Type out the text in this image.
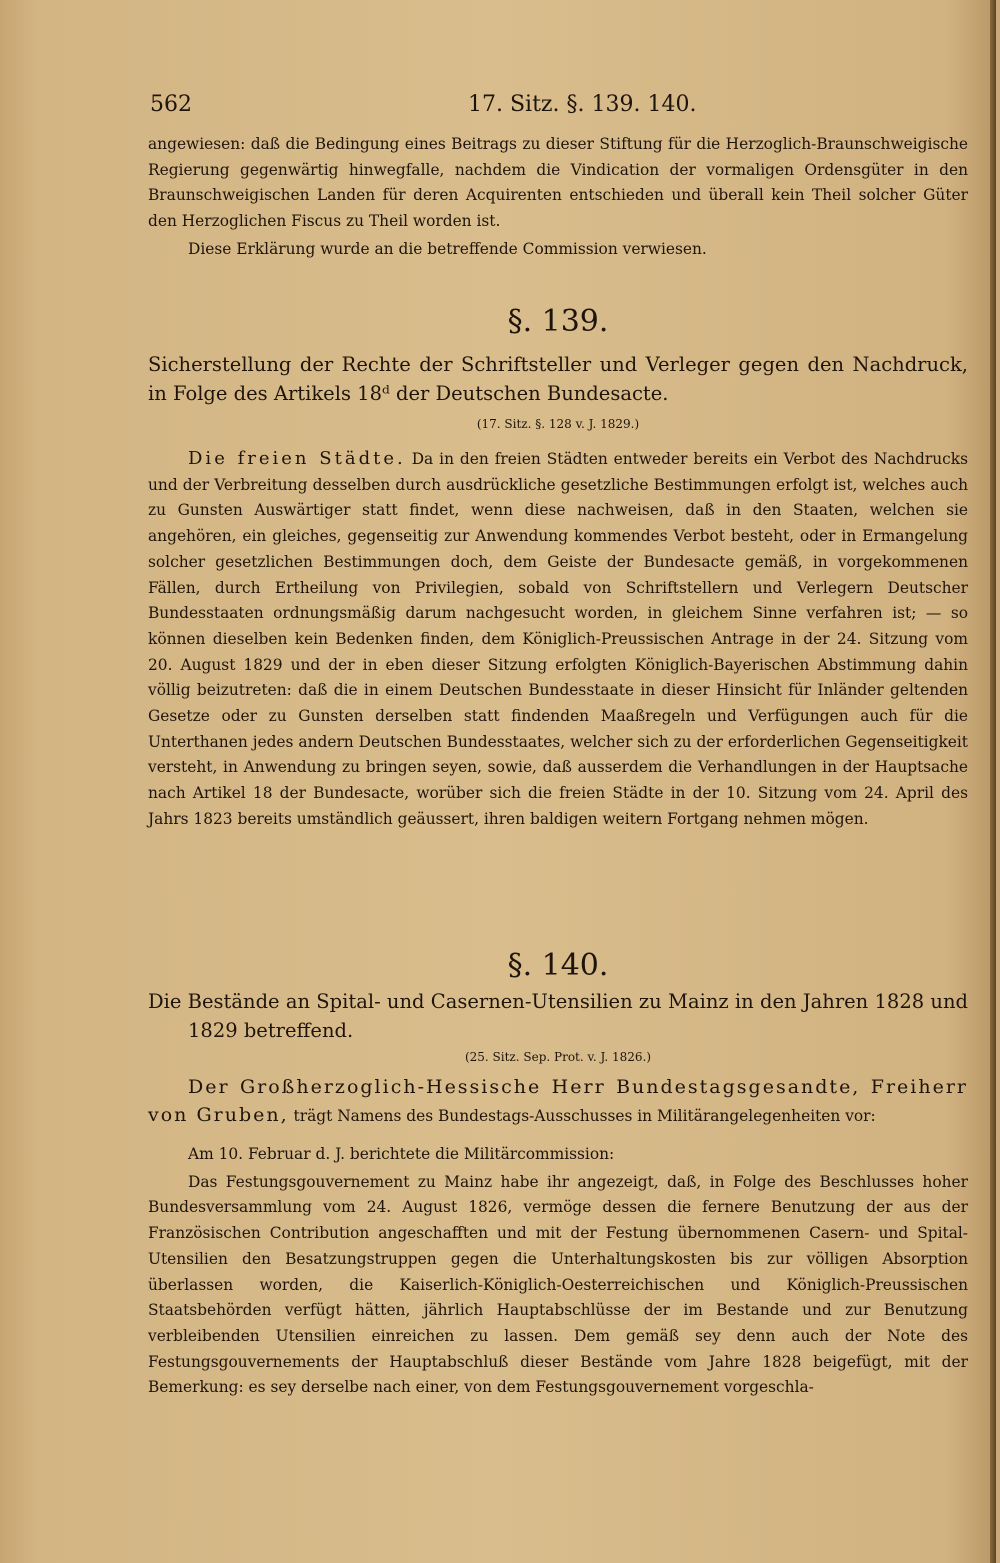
562	17. Sitz. §. 139. 140.

angewiesen: daß die Bedingung eines Beitrags zu dieser Stiftung für die Herzoglich-Braunschweigische Regierung gegenwärtig hinwegfalle, nachdem die Vindication der vormaligen Ordensgüter in den Braunschweigischen Landen für deren Acquirenten entschieden und überall kein Theil solcher Güter den Herzoglichen Fiscus zu Theil worden ist.

Diese Erklärung wurde an die betreffende Commission verwiesen.

§. 139.
Sicherstellung der Rechte der Schriftsteller und Verleger gegen den Nachdruck, in Folge des Artikels 18ᵈ der Deutschen Bundesacte.
(17. Sitz. §. 128 v. J. 1829.)

Die freien Städte. Da in den freien Städten entweder bereits ein Verbot des Nachdrucks und der Verbreitung desselben durch ausdrückliche gesetzliche Bestimmungen erfolgt ist, welches auch zu Gunsten Auswärtiger statt findet, wenn diese nachweisen, daß in den Staaten, welchen sie angehören, ein gleiches, gegenseitig zur Anwendung kommendes Verbot besteht, oder in Ermangelung solcher gesetzlichen Bestimmungen doch, dem Geiste der Bundesacte gemäß, in vorgekommenen Fällen, durch Ertheilung von Privilegien, sobald von Schriftstellern und Verlegern Deutscher Bundesstaaten ordnungsmäßig darum nachgesucht worden, in gleichem Sinne verfahren ist; — so können dieselben kein Bedenken finden, dem Königlich-Preussischen Antrage in der 24. Sitzung vom 20. August 1829 und der in eben dieser Sitzung erfolgten Königlich-Bayerischen Abstimmung dahin völlig beizutreten: daß die in einem Deutschen Bundesstaate in dieser Hinsicht für Inländer geltenden Gesetze oder zu Gunsten derselben statt findenden Maaßregeln und Verfügungen auch für die Unterthanen jedes andern Deutschen Bundesstaates, welcher sich zu der erforderlichen Gegenseitigkeit versteht, in Anwendung zu bringen seyen, sowie, daß ausserdem die Verhandlungen in der Hauptsache nach Artikel 18 der Bundesacte, worüber sich die freien Städte in der 10. Sitzung vom 24. April des Jahrs 1823 bereits umständlich geäussert, ihren baldigen weitern Fortgang nehmen mögen.

§. 140.
Die Bestände an Spital- und Casernen-Utensilien zu Mainz in den Jahren 1828 und 1829 betreffend.
(25. Sitz. Sep. Prot. v. J. 1826.)

Der Großherzoglich-Hessische Herr Bundestagsgesandte, Freiherr von Gruben, trägt Namens des Bundestags-Ausschusses in Militärangelegenheiten vor:

Am 10. Februar d. J. berichtete die Militärcommission:

Das Festungsgouvernement zu Mainz habe ihr angezeigt, daß, in Folge des Beschlusses hoher Bundesversammlung vom 24. August 1826, vermöge dessen die fernere Benutzung der aus der Französischen Contribution angeschafften und mit der Festung übernommenen Casern- und Spital-Utensilien den Besatzungstruppen gegen die Unterhaltungskosten bis zur völligen Absorption überlassen worden, die Kaiserlich-Königlich-Oesterreichischen und Königlich-Preussischen Staatsbehörden verfügt hätten, jährlich Hauptabschlüsse der im Bestande und zur Benutzung verbleibenden Utensilien einreichen zu lassen. Dem gemäß sey denn auch der Note des Festungsgouvernements der Hauptabschluß dieser Bestände vom Jahre 1828 beigefügt, mit der Bemerkung: es sey derselbe nach einer, von dem Festungsgouvernement vorgeschla-
